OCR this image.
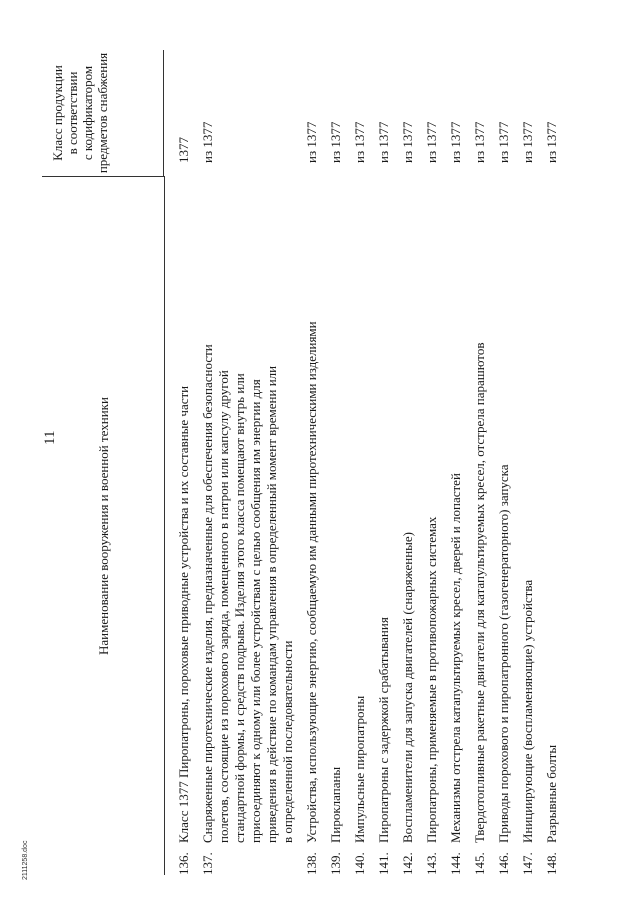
11
2111258.doc
Наименование вооружения и военной техники
Класс продукции в соответствии с кодификатором предметов снабжения
136.
Класс 1377 Пиропатроны, пороховые приводные устройства и их составные части
1377
137.
Снаряженные пиротехнические изделия, предназначенные для обеспечения безопасности полетов, состоящие из порохового заряда, помещенного в патрон или капсулу другой стандартной формы, и средств подрыва. Изделия этого класса помещают внутрь или присоединяют к одному или более устройствам с целью сообщения им энергии для приведения в действие по командам управления в определенный момент времени или в определенной последовательности
из 1377
138.
Устройства, использующие энергию, сообщаемую им данными пиротехническими изделиями
из 1377
139.
Пироклапаны
из 1377
140.
Импульсные пиропатроны
из 1377
141.
Пиропатроны с задержкой срабатывания
из 1377
142.
Воспламенители для запуска двигателей (снаряженные)
из 1377
143.
Пиропатроны, применяемые в противопожарных системах
из 1377
144.
Механизмы отстрела катапультируемых кресел, дверей и лопастей
из 1377
145.
Твердотопливные ракетные двигатели для катапультируемых кресел, отстрела парашютов
из 1377
146.
Приводы порохового и пиропатронного (газогенераторного) запуска
из 1377
147.
Инициирующие (воспламеняющие) устройства
из 1377
148.
Разрывные болты
из 1377
